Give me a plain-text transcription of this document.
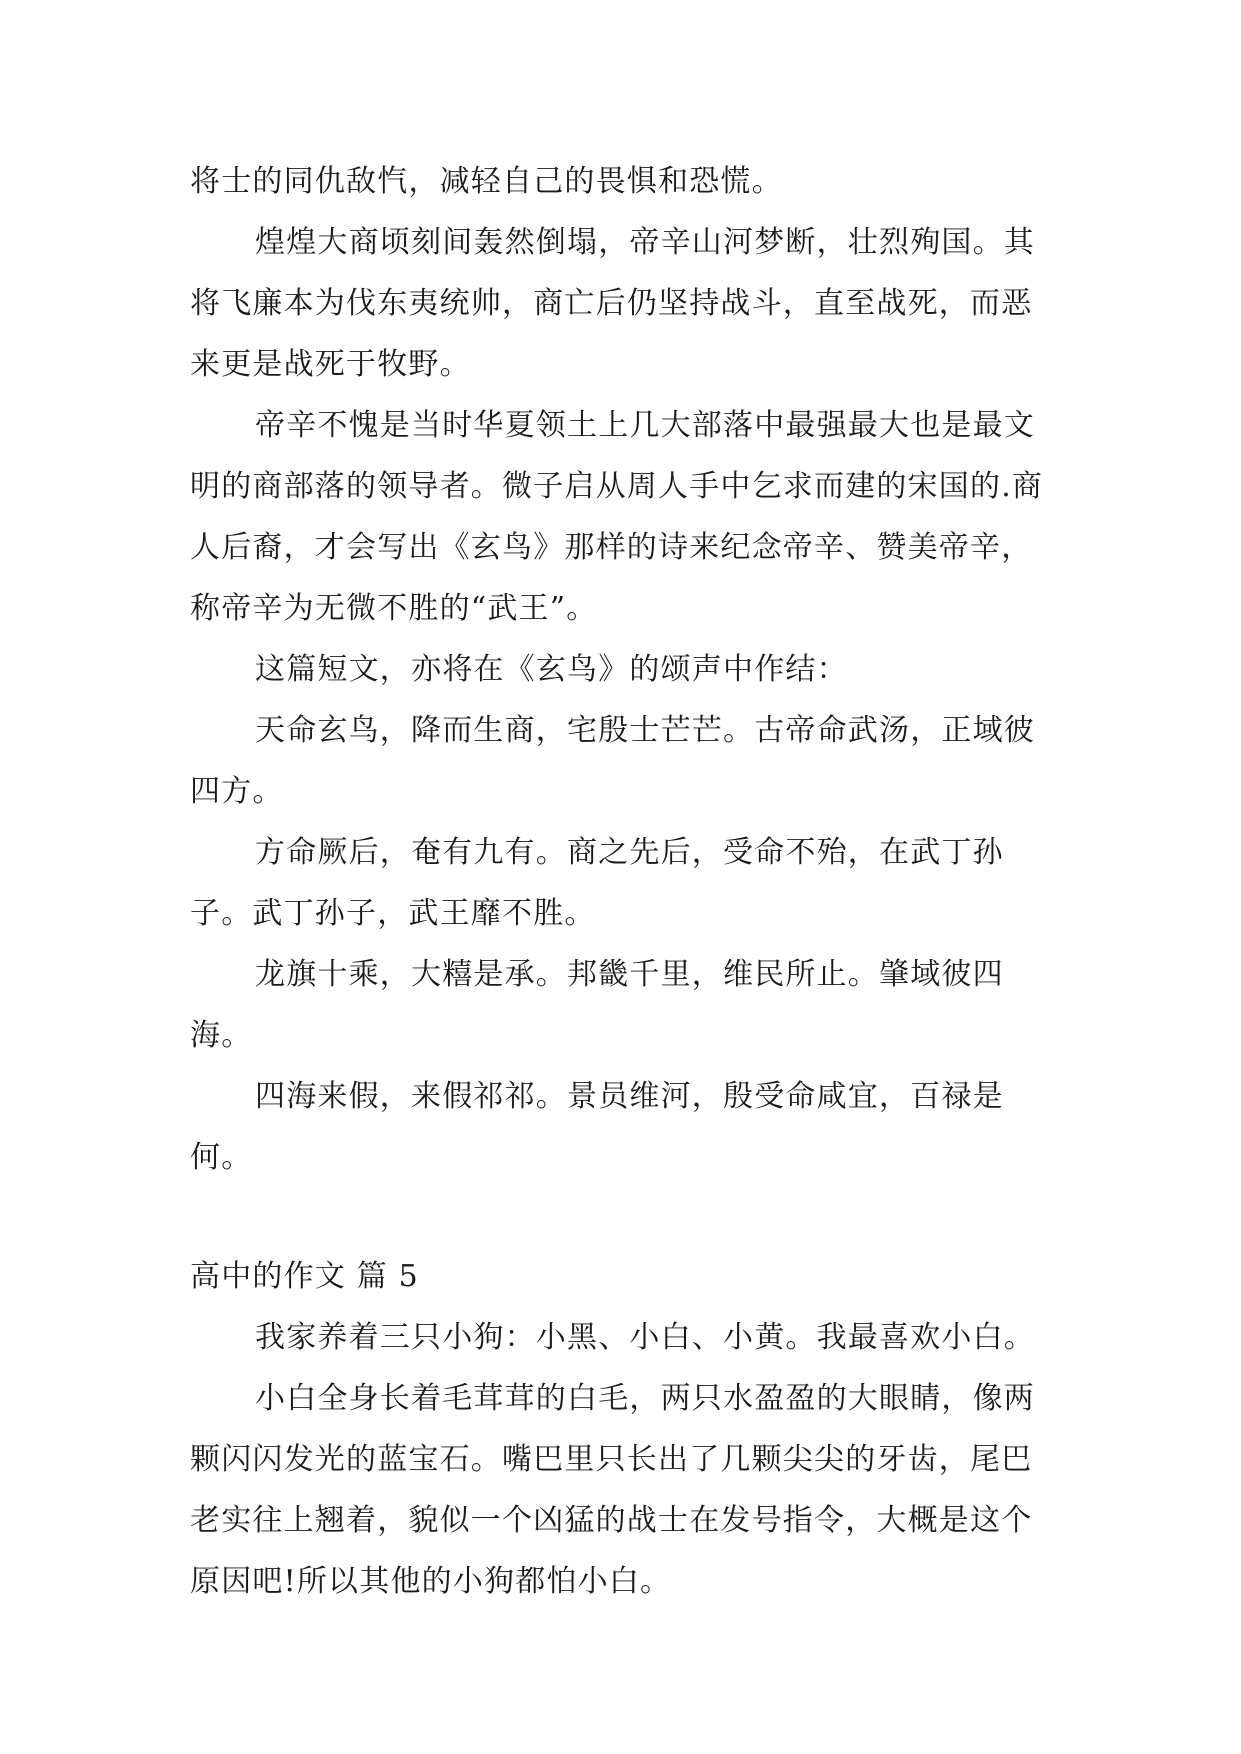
将士的同仇敌忾，减轻自己的畏惧和恐慌。

煌煌大商顷刻间轰然倒塌，帝辛山河梦断，壮烈殉国。其将飞廉本为伐东夷统帅，商亡后仍坚持战斗，直至战死，而恶来更是战死于牧野。

帝辛不愧是当时华夏领土上几大部落中最强最大也是最文明的商部落的领导者。微子启从周人手中乞求而建的宋国的.商人后裔，才会写出《玄鸟》那样的诗来纪念帝辛、赞美帝辛，称帝辛为无微不胜的“武王”。

这篇短文，亦将在《玄鸟》的颂声中作结：

天命玄鸟，降而生商，宅殷士芒芒。古帝命武汤，正域彼四方。

方命厥后，奄有九有。商之先后，受命不殆，在武丁孙子。武丁孙子，武王靡不胜。

龙旗十乘，大糦是承。邦畿千里，维民所止。肇域彼四海。

四海来假，来假祁祁。景员维河，殷受命咸宜，百禄是何。

高中的作文 篇 5

我家养着三只小狗：小黑、小白、小黄。我最喜欢小白。

小白全身长着毛茸茸的白毛，两只水盈盈的大眼睛，像两颗闪闪发光的蓝宝石。嘴巴里只长出了几颗尖尖的牙齿，尾巴老实往上翘着，貌似一个凶猛的战士在发号指令，大概是这个原因吧!所以其他的小狗都怕小白。
